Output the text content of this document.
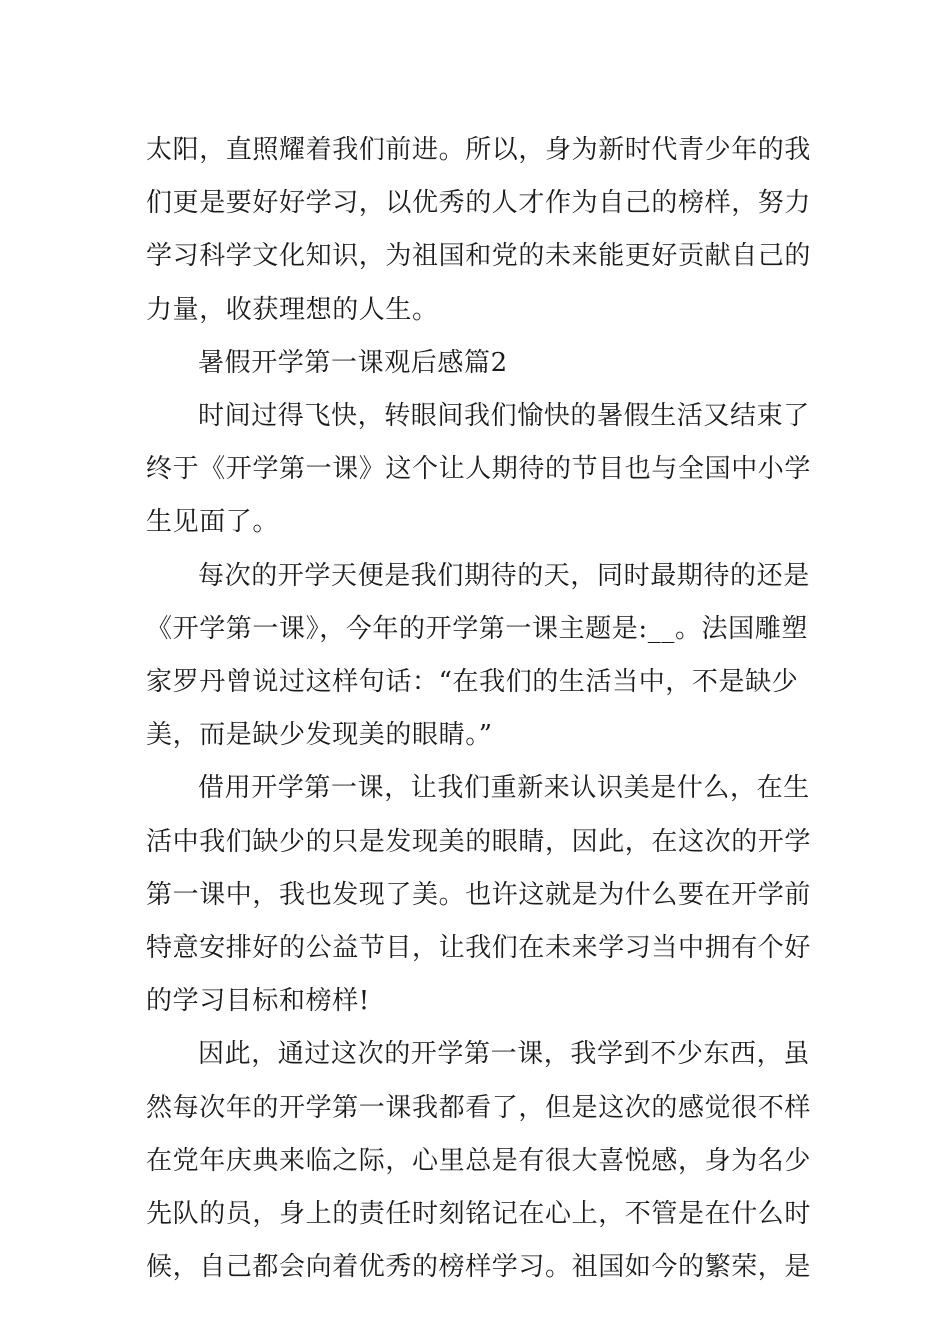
太阳，直照耀着我们前进。所以，身为新时代青少年的我
们更是要好好学习，以优秀的人才作为自己的榜样，努力
学习科学文化知识，为祖国和党的未来能更好贡献自己的
力量，收获理想的人生。

暑假开学第一课观后感篇2

时间过得飞快，转眼间我们愉快的暑假生活又结束了
终于《开学第一课》这个让人期待的节目也与全国中小学
生见面了。

每次的开学天便是我们期待的天，同时最期待的还是
《开学第一课》，今年的开学第一课主题是:__。法国雕塑
家罗丹曾说过这样句话：“在我们的生活当中，不是缺少
美，而是缺少发现美的眼睛。”

借用开学第一课，让我们重新来认识美是什么，在生
活中我们缺少的只是发现美的眼睛，因此，在这次的开学
第一课中，我也发现了美。也许这就是为什么要在开学前
特意安排好的公益节目，让我们在未来学习当中拥有个好
的学习目标和榜样!

因此，通过这次的开学第一课，我学到不少东西，虽
然每次年的开学第一课我都看了，但是这次的感觉很不样
在党年庆典来临之际，心里总是有很大喜悦感，身为名少
先队的员，身上的责任时刻铭记在心上，不管是在什么时
候，自己都会向着优秀的榜样学习。祖国如今的繁荣，是
